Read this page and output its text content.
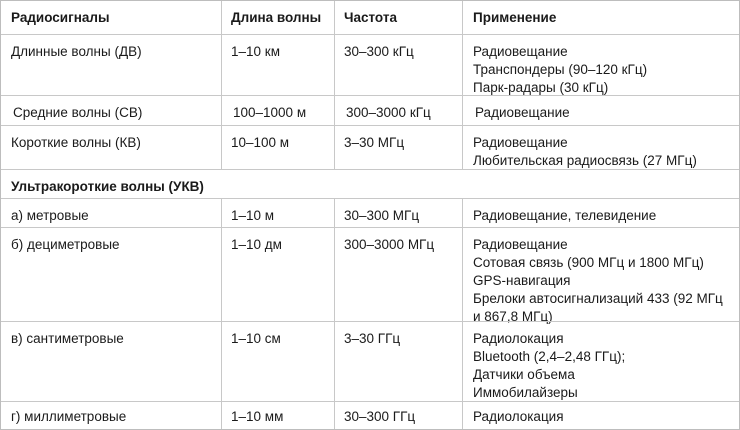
Радиосигналы	Длина волны	Частота	Применение
Длинные волны (ДВ)	1–10 км	30–300 кГц	Радиовещание
Транспондеры (90–120 кГц)
Парк-радары (30 кГц)
Средние волны (СВ)	100–1000 м	300–3000 кГц	Радиовещание
Короткие волны (КВ)	10–100 м	3–30 МГц	Радиовещание
Любительская радиосвязь (27 МГц)
Ультракороткие волны (УКВ)
а) метровые	1–10 м	30–300 МГц	Радиовещание, телевидение
б) дециметровые	1–10 дм	300–3000 МГц	Радиовещание
Сотовая связь (900 МГц и 1800 МГц)
GPS-навигация
Брелоки автосигнализаций 433 (92 МГц
и 867,8 МГц)
в) сантиметровые	1–10 см	3–30 ГГц	Радиолокация
Bluetooth (2,4–2,48 ГГц);
Датчики объема
Иммобилайзеры
г) миллиметровые	1–10 мм	30–300 ГГц	Радиолокация
